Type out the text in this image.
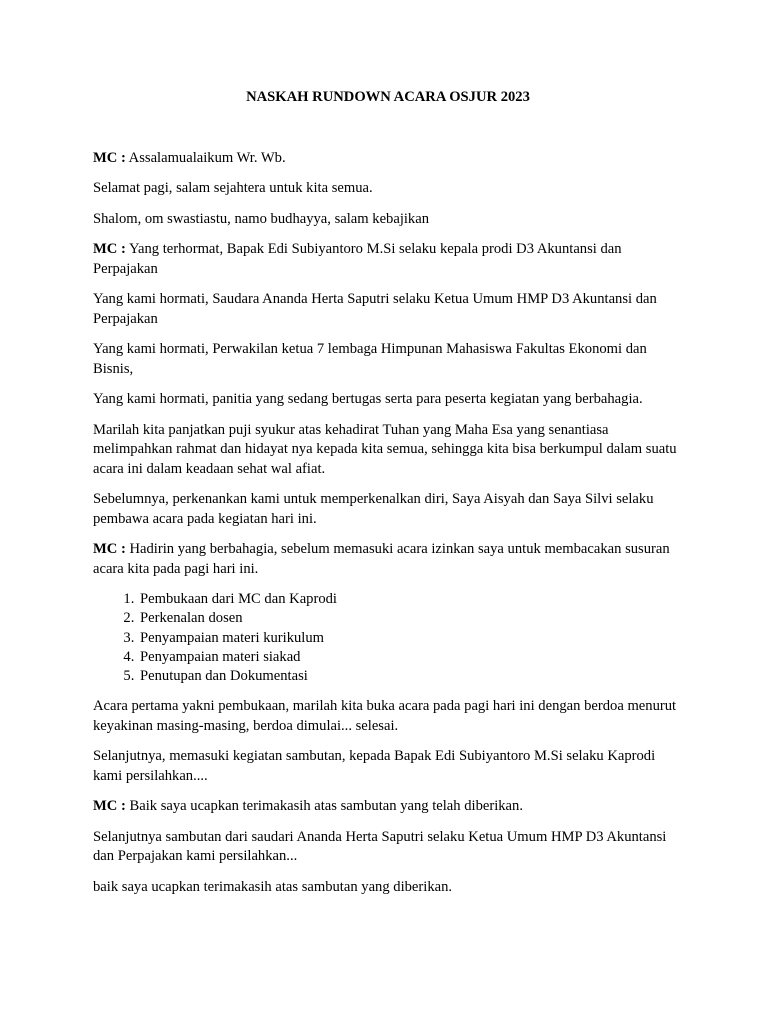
NASKAH RUNDOWN ACARA OSJUR 2023

MC : Assalamualaikum Wr. Wb.

Selamat pagi, salam sejahtera untuk kita semua.

Shalom, om swastiastu, namo budhayya, salam kebajikan

MC : Yang terhormat, Bapak Edi Subiyantoro M.Si selaku kepala prodi D3 Akuntansi dan Perpajakan

Yang kami hormati, Saudara Ananda Herta Saputri selaku Ketua Umum HMP D3 Akuntansi dan Perpajakan

Yang kami hormati, Perwakilan ketua 7 lembaga Himpunan Mahasiswa Fakultas Ekonomi dan Bisnis,

Yang kami hormati, panitia yang sedang bertugas serta para peserta kegiatan yang berbahagia.

Marilah kita panjatkan puji syukur atas kehadirat Tuhan yang Maha Esa yang senantiasa melimpahkan rahmat dan hidayat nya kepada kita semua, sehingga kita bisa berkumpul dalam suatu acara ini dalam keadaan sehat wal afiat.

Sebelumnya, perkenankan kami untuk memperkenalkan diri, Saya Aisyah dan Saya Silvi selaku pembawa acara pada kegiatan hari ini.

MC : Hadirin yang berbahagia, sebelum memasuki acara izinkan saya untuk membacakan susuran acara kita pada pagi hari ini.

1. Pembukaan dari MC dan Kaprodi
2. Perkenalan dosen
3. Penyampaian materi kurikulum
4. Penyampaian materi siakad
5. Penutupan dan Dokumentasi

Acara pertama yakni pembukaan, marilah kita buka acara pada pagi hari ini dengan berdoa menurut keyakinan masing-masing, berdoa dimulai... selesai.

Selanjutnya, memasuki kegiatan sambutan, kepada Bapak Edi Subiyantoro M.Si selaku Kaprodi kami persilahkan....

MC : Baik saya ucapkan terimakasih atas sambutan yang telah diberikan.

Selanjutnya sambutan dari saudari Ananda Herta Saputri selaku Ketua Umum HMP D3 Akuntansi dan Perpajakan kami persilahkan...

baik saya ucapkan terimakasih atas sambutan yang diberikan.
